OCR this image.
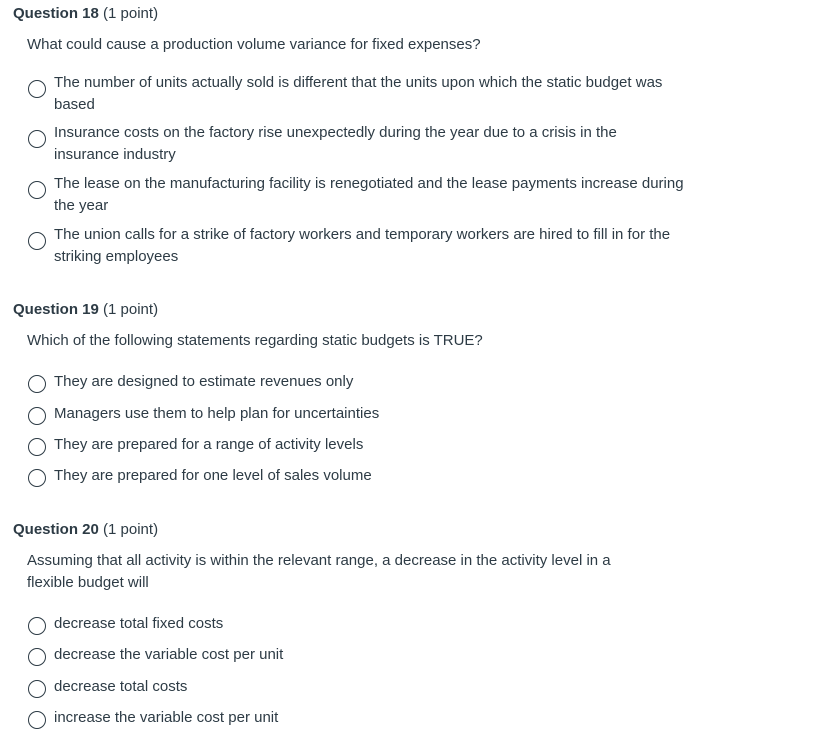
Question 18 (1 point)
What could cause a production volume variance for fixed expenses?
The number of units actually sold is different that the units upon which the static budget was based
Insurance costs on the factory rise unexpectedly during the year due to a crisis in the insurance industry
The lease on the manufacturing facility is renegotiated and the lease payments increase during the year
The union calls for a strike of factory workers and temporary workers are hired to fill in for the striking employees
Question 19 (1 point)
Which of the following statements regarding static budgets is TRUE?
They are designed to estimate revenues only
Managers use them to help plan for uncertainties
They are prepared for a range of activity levels
They are prepared for one level of sales volume
Question 20 (1 point)
Assuming that all activity is within the relevant range, a decrease in the activity level in a flexible budget will
decrease total fixed costs
decrease the variable cost per unit
decrease total costs
increase the variable cost per unit
